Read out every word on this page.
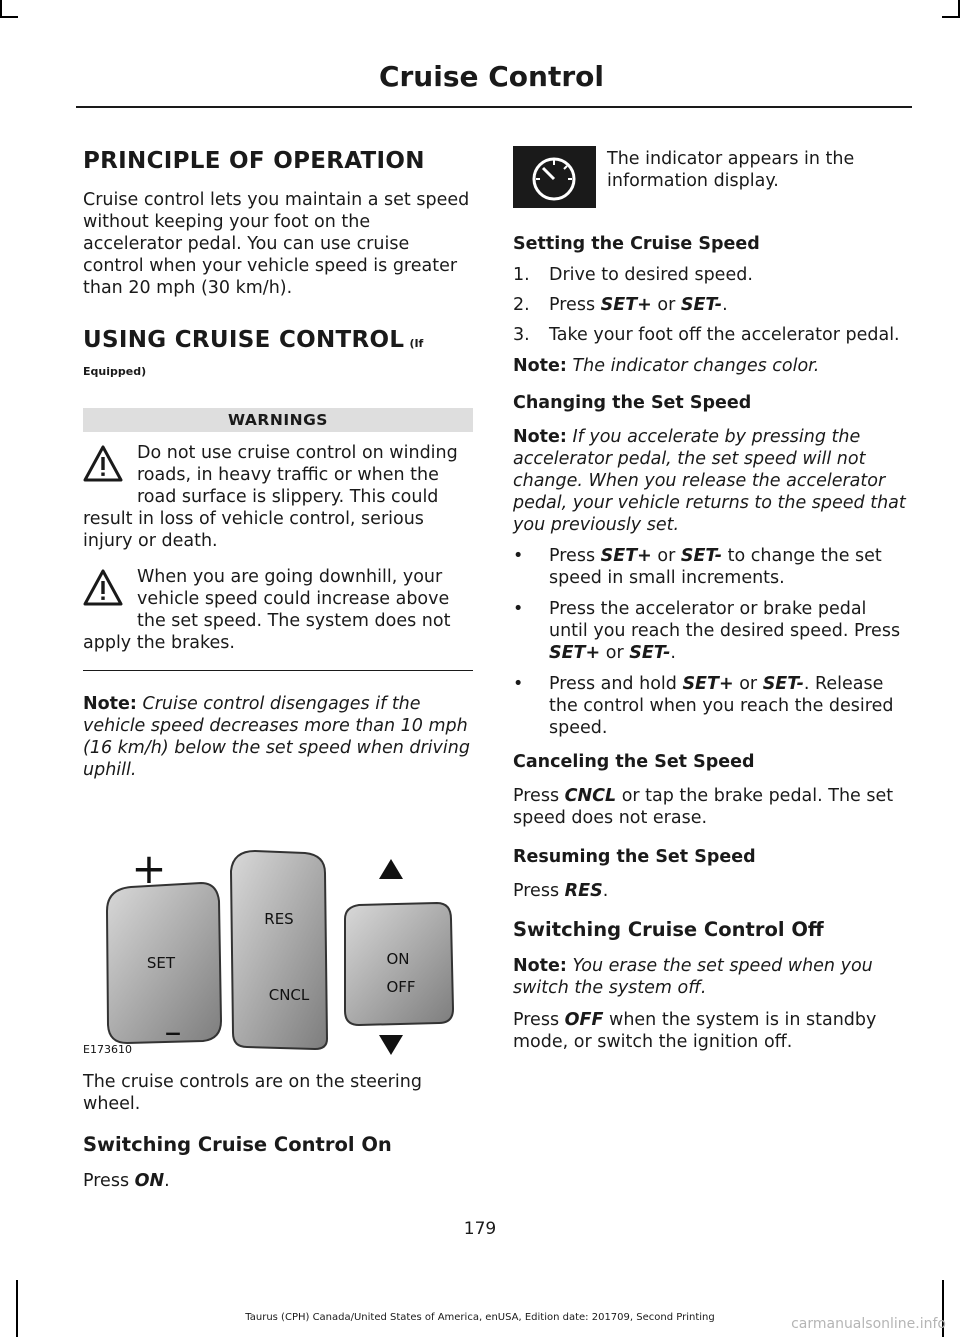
Cruise Control
PRINCIPLE OF OPERATION

Cruise control lets you maintain a set speed without keeping your foot on the accelerator pedal. You can use cruise control when your vehicle speed is greater than 20 mph (30 km/h).

USING CRUISE CONTROL (If
Equipped)
WARNINGS
Do not use cruise control on winding roads, in heavy traffic or when the road surface is slippery. This could result in loss of vehicle control, serious injury or death.
When you are going downhill, your vehicle speed could increase above the set speed. The system does not apply the brakes.

Note: Cruise control disengages if the vehicle speed decreases more than 10 mph (16 km/h) below the set speed when driving uphill.

+
–
SET
RES
CNCL
ON
OFF
E173610

The cruise controls are on the steering wheel.

Switching Cruise Control On

Press ON.

The indicator appears in the information display.

Setting the Cruise Speed
1. Drive to desired speed.
2. Press SET+ or SET-.
3. Take your foot off the accelerator pedal.

Note: The indicator changes color.

Changing the Set Speed

Note: If you accelerate by pressing the accelerator pedal, the set speed will not change. When you release the accelerator pedal, your vehicle returns to the speed that you previously set.

• Press SET+ or SET- to change the set speed in small increments.
• Press the accelerator or brake pedal until you reach the desired speed. Press SET+ or SET-.
• Press and hold SET+ or SET-. Release the control when you reach the desired speed.
Canceling the Set Speed

Press CNCL or tap the brake pedal. The set speed does not erase.

Resuming the Set Speed

Press RES.

Switching Cruise Control Off

Note: You erase the set speed when you switch the system off.

Press OFF when the system is in standby mode, or switch the ignition off.

179
Taurus (CPH) Canada/United States of America, enUSA, Edition date: 201709, Second Printing	carmanualsonline.info
